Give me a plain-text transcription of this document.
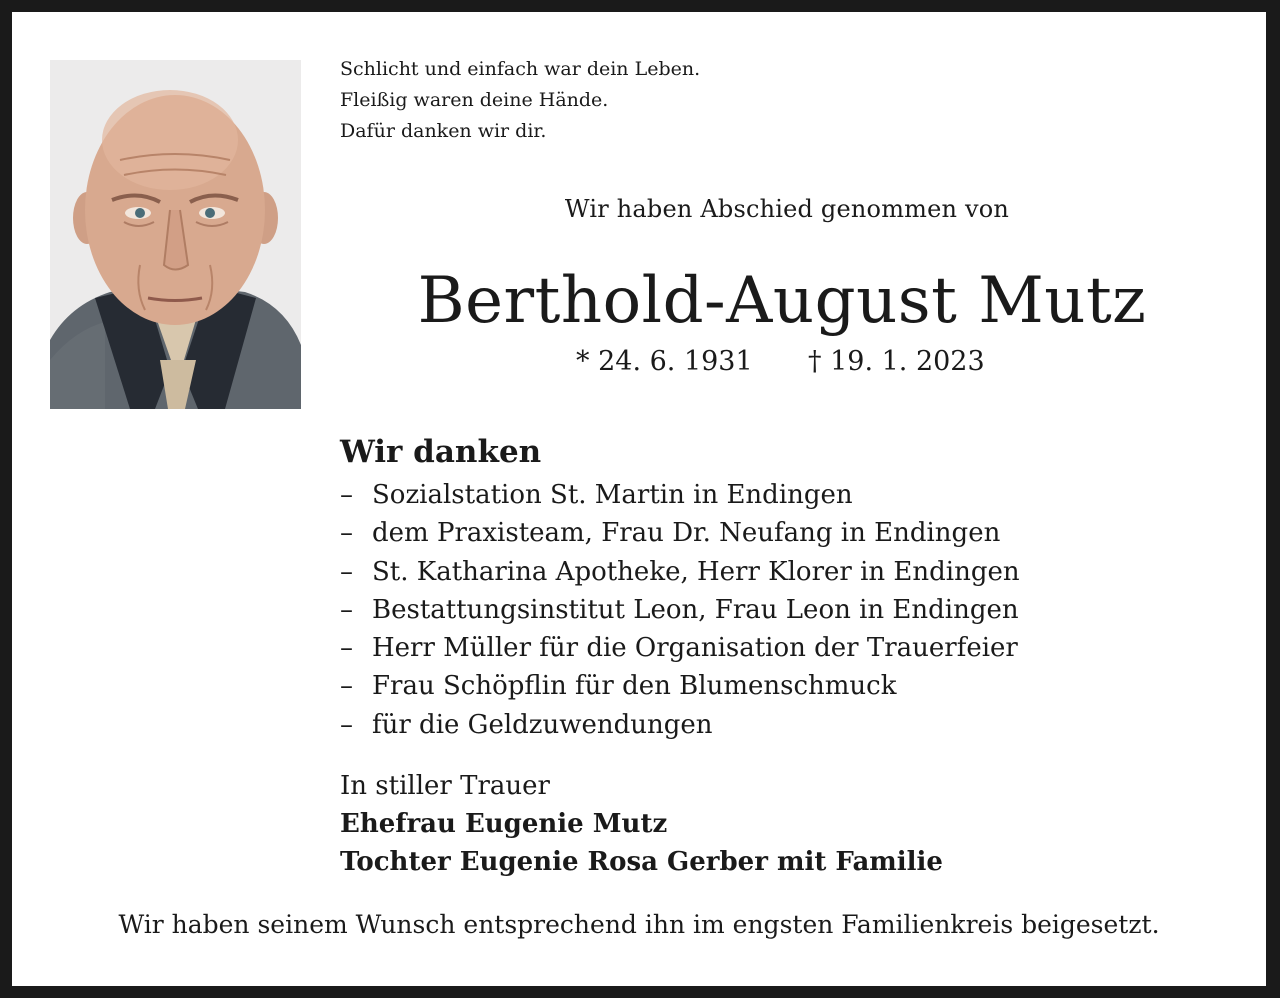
Schlicht und einfach war dein Leben.
Fleißig waren deine Hände.
Dafür danken wir dir.
Wir haben Abschied genommen von
Berthold-August Mutz
* 24. 6. 1931 † 19. 1. 2023
Wir danken
– Sozialstation St. Martin in Endingen
– dem Praxisteam, Frau Dr. Neufang in Endingen
– St. Katharina Apotheke, Herr Klorer in Endingen
– Bestattungsinstitut Leon, Frau Leon in Endingen
– Herr Müller für die Organisation der Trauerfeier
– Frau Schöpflin für den Blumenschmuck
– für die Geldzuwendungen
In stiller Trauer
Ehefrau Eugenie Mutz
Tochter Eugenie Rosa Gerber mit Familie
Wir haben seinem Wunsch entsprechend ihn im engsten Familienkreis beigesetzt.
